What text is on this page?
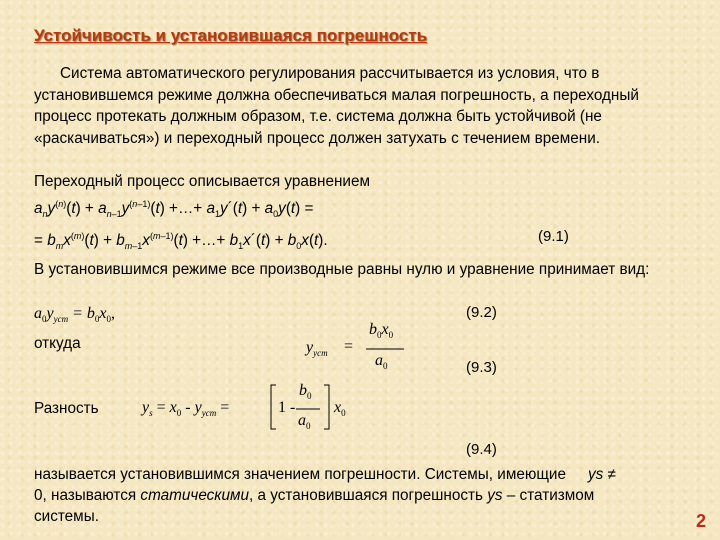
Устойчивость и установившаяся погрешность
Система автоматического регулирования рассчитывается из условия, что в установившемся режиме должна обеспечиваться малая погрешность, а переходный процесс протекать должным образом, т.е. система должна быть устойчивой (не «раскачиваться») и переходный процесс должен затухать с течением времени.
Переходный процесс описывается уравнением
$a_ny^{(n)}(t) + a_{n-1}y^{(n-1)}(t)$ +…+ $a_1y´(t) + a_0y(t)$ =
= $b_mx^{(m)}(t) + b_{m-1}x^{(m-1)}(t)$ +…+ $b_1x´(t) + b_0x(t)$.	(9.1)
В установившимся режиме все производные равны нулю и уравнение принимает вид:
$a_0y_{уст} = b_0x_0$,	(9.2)
откуда	$y_{уст}$ =
$b_0x_0$
$a_0$	(9.3)
Разность	$y_s = x_0 - y_{уст}$ =	1 -
$b_0$
$a_0$
$x_0$
(9.4)
называется установившимся значением погрешности. Системы, имеющие ys ≠
0, называются статическими, а установившаяся погрешность ys – статизмом
системы.	2
